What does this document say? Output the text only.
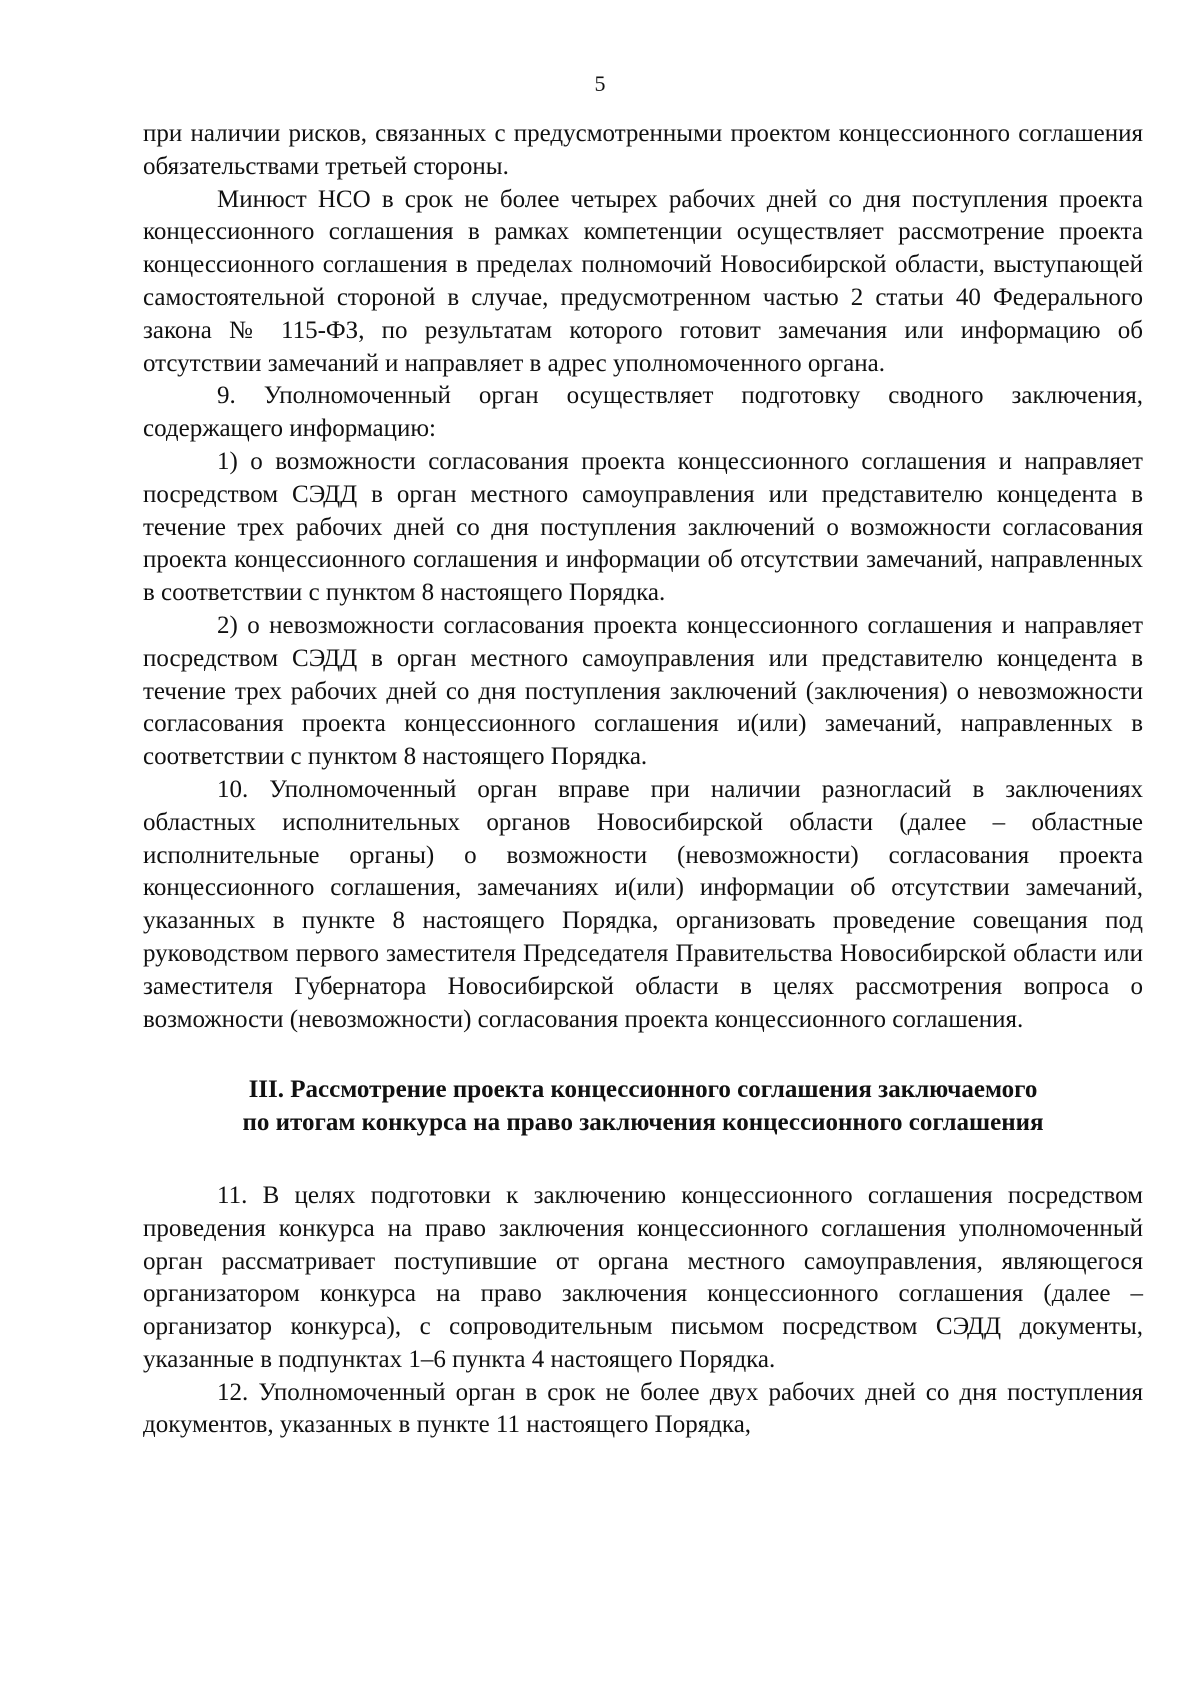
5

при наличии рисков, связанных с предусмотренными проектом концессионного соглашения обязательствами третьей стороны.

Минюст НСО в срок не более четырех рабочих дней со дня поступления проекта концессионного соглашения в рамках компетенции осуществляет рассмотрение проекта концессионного соглашения в пределах полномочий Новосибирской области, выступающей самостоятельной стороной в случае, предусмотренном частью 2 статьи 40 Федерального закона № 115-ФЗ, по результатам которого готовит замечания или информацию об отсутствии замечаний и направляет в адрес уполномоченного органа.

9. Уполномоченный орган осуществляет подготовку сводного заключения, содержащего информацию:

1) о возможности согласования проекта концессионного соглашения и направляет посредством СЭДД в орган местного самоуправления или представителю концедента в течение трех рабочих дней со дня поступления заключений о возможности согласования проекта концессионного соглашения и информации об отсутствии замечаний, направленных в соответствии с пунктом 8 настоящего Порядка.

2) о невозможности согласования проекта концессионного соглашения и направляет посредством СЭДД в орган местного самоуправления или представителю концедента в течение трех рабочих дней со дня поступления заключений (заключения) о невозможности согласования проекта концессионного соглашения и(или) замечаний, направленных в соответствии с пунктом 8 настоящего Порядка.

10. Уполномоченный орган вправе при наличии разногласий в заключениях областных исполнительных органов Новосибирской области (далее – областные исполнительные органы) о возможности (невозможности) согласования проекта концессионного соглашения, замечаниях и(или) информации об отсутствии замечаний, указанных в пункте 8 настоящего Порядка, организовать проведение совещания под руководством первого заместителя Председателя Правительства Новосибирской области или заместителя Губернатора Новосибирской области в целях рассмотрения вопроса о возможности (невозможности) согласования проекта концессионного соглашения.

III. Рассмотрение проекта концессионного соглашения заключаемого
по итогам конкурса на право заключения концессионного соглашения

11. В целях подготовки к заключению концессионного соглашения посредством проведения конкурса на право заключения концессионного соглашения уполномоченный орган рассматривает поступившие от органа местного самоуправления, являющегося организатором конкурса на право заключения концессионного соглашения (далее – организатор конкурса), с сопроводительным письмом посредством СЭДД документы, указанные в подпунктах 1–6 пункта 4 настоящего Порядка.

12. Уполномоченный орган в срок не более двух рабочих дней со дня поступления документов, указанных в пункте 11 настоящего Порядка,
